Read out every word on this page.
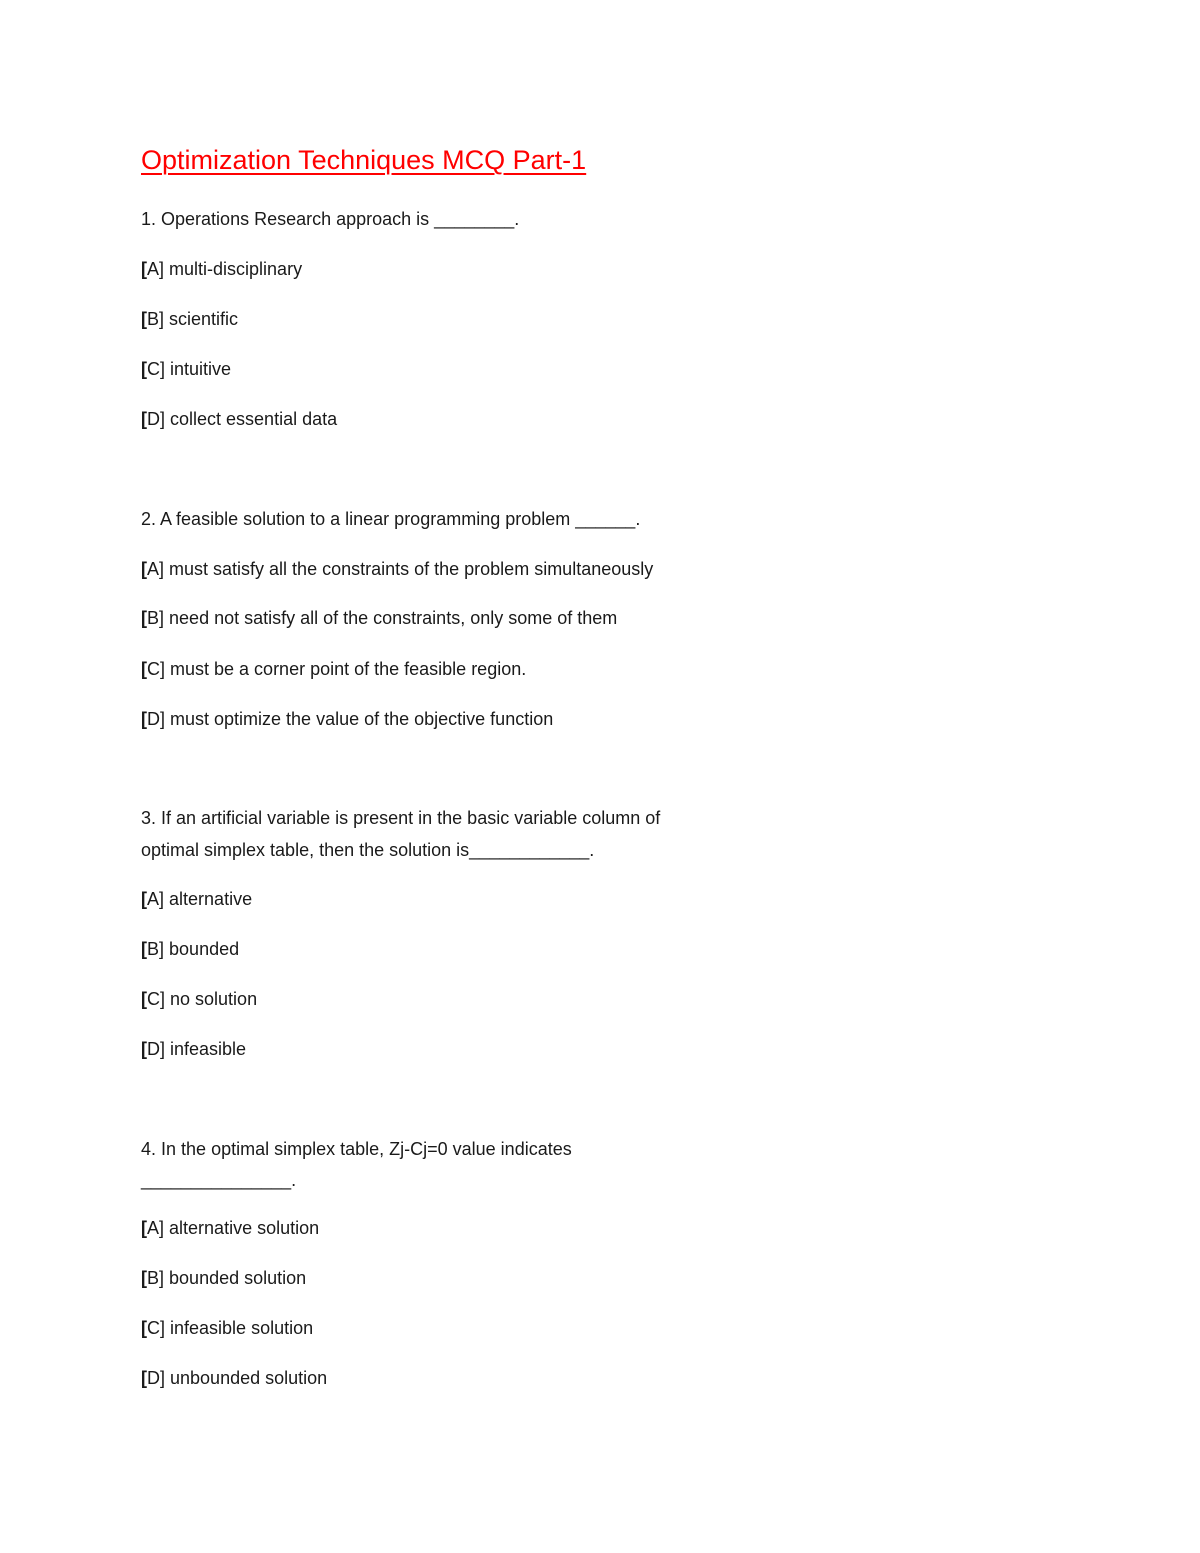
Optimization Techniques MCQ Part-1
1. Operations Research approach is ________.
[A] multi-disciplinary
[B] scientific
[C] intuitive
[D] collect essential data
2. A feasible solution to a linear programming problem ______.
[A] must satisfy all the constraints of the problem simultaneously
[B] need not satisfy all of the constraints, only some of them
[C] must be a corner point of the feasible region.
[D] must optimize the value of the objective function
3. If an artificial variable is present in the basic variable column of
optimal simplex table, then the solution is____________.
[A] alternative
[B] bounded
[C] no solution
[D] infeasible
4. In the optimal simplex table, Zj-Cj=0 value indicates
_______________.
[A] alternative solution
[B] bounded solution
[C] infeasible solution
[D] unbounded solution
